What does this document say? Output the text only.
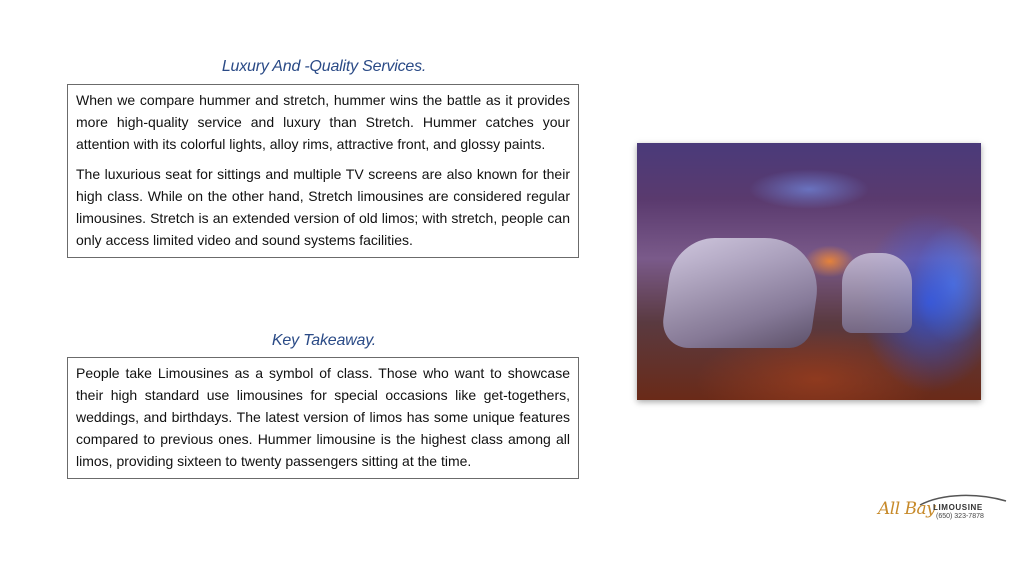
Luxury And -Quality Services.

When we compare hummer and stretch, hummer wins the battle as it provides more high-quality service and luxury than Stretch. Hummer catches your attention with its colorful lights, alloy rims, attractive front, and glossy paints.

The luxurious seat for sittings and multiple TV screens are also known for their high class. While on the other hand, Stretch limousines are considered regular limousines. Stretch is an extended version of old limos; with stretch, people can only access limited video and sound systems facilities.

Key Takeaway.

People take Limousines as a symbol of class. Those who want to showcase their high standard use limousines for special occasions like get-togethers, weddings, and birthdays. The latest version of limos has some unique features compared to previous ones. Hummer limousine is the highest class among all limos, providing sixteen to twenty passengers sitting at the time.

All Bay
LIMOUSINE
(650) 323-7878
